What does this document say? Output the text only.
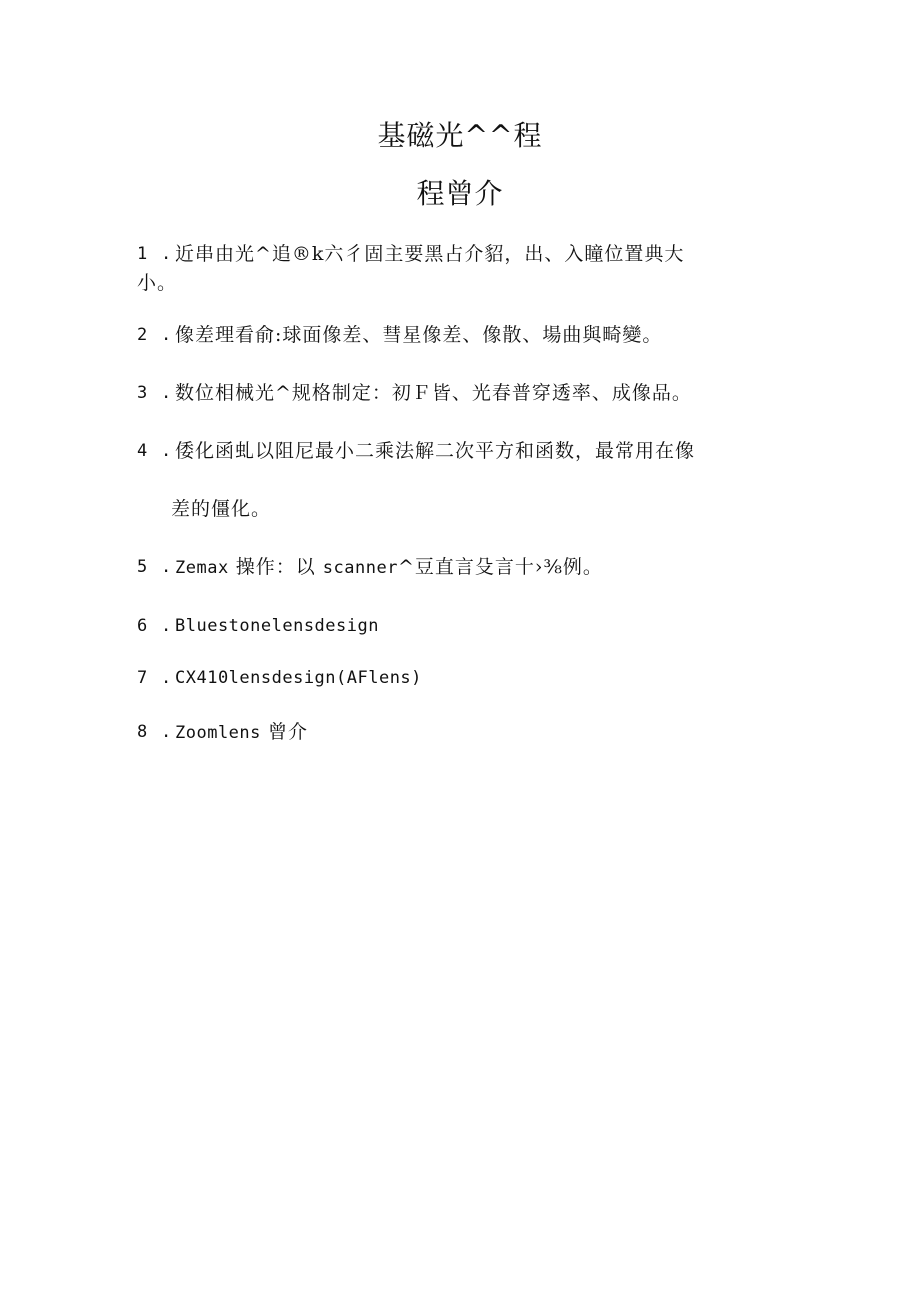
基磁光^^程
程曾介
1 . 近串由光^追®k六彳固主要黑占介貂，出、入瞳位置典大
小。
2 . 像差理看俞:球面像差、彗星像差、像散、場曲與畸變。
3 . 数位相械光^规格制定：初Ｆ皆、光春普穿透率、成像品。
4 . 倭化函虬以阻尼最小二乘法解二次平方和函数，最常用在像
差的僵化。
5 . Zemax 操作：以 scanner^豆直言殳言十›⅜例。
6 . Bluestonelensdesign
7 . CX410lensdesign(AFlens)
8 . Zoomlens 曾介
